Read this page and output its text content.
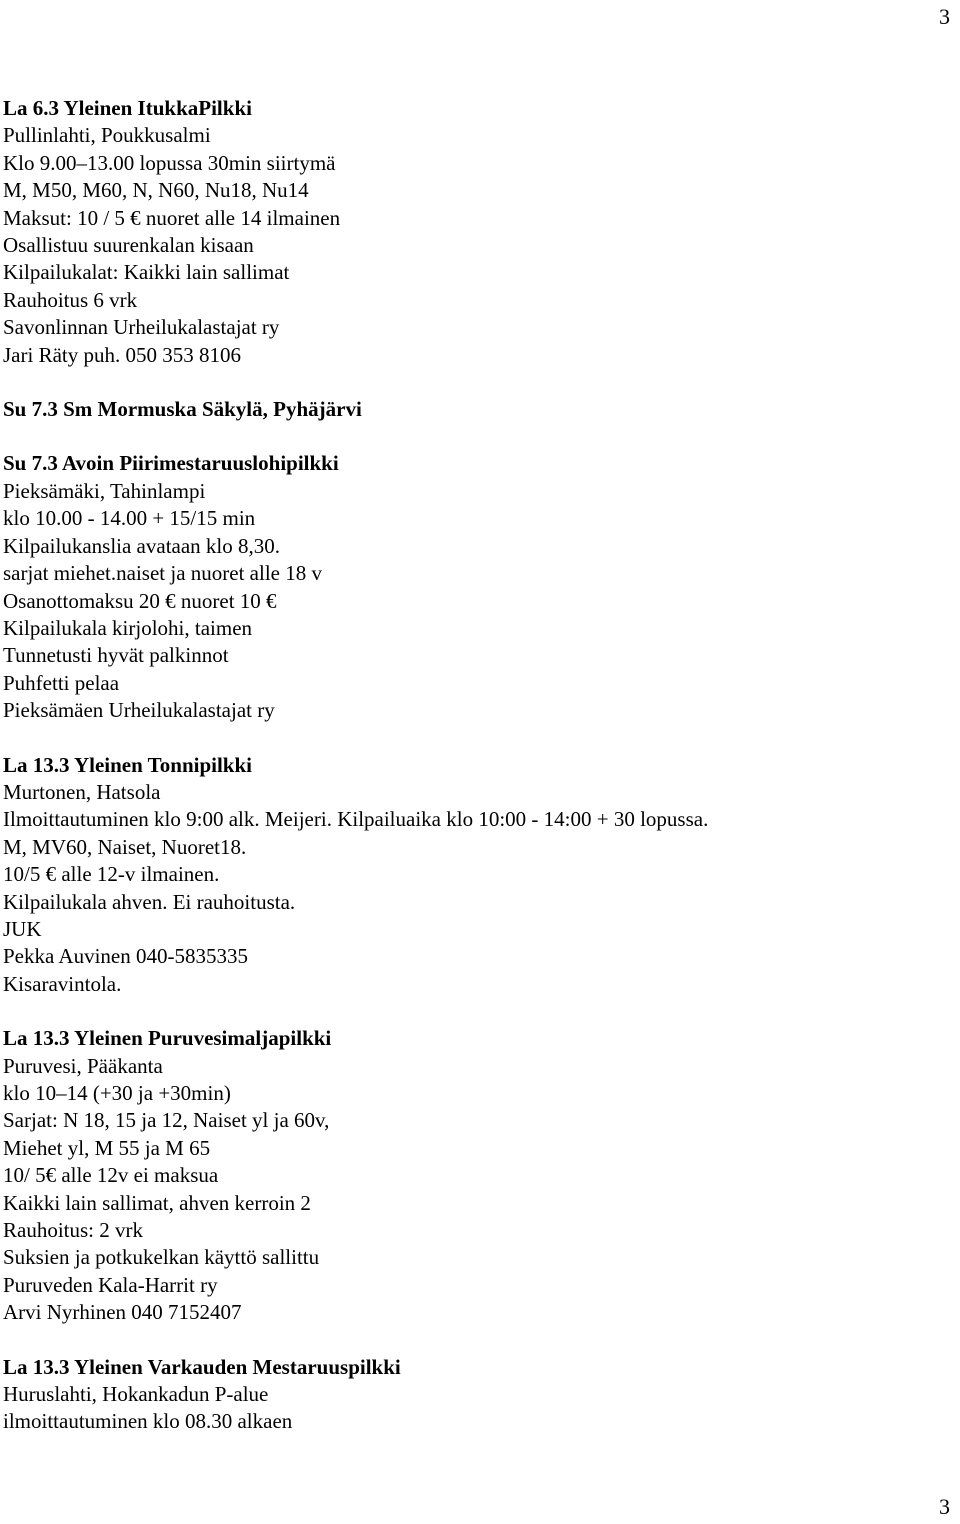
3
La 6.3 Yleinen ItukkaPilkki
Pullinlahti, Poukkusalmi
Klo 9.00–13.00 lopussa 30min siirtymä
M, M50, M60, N, N60, Nu18, Nu14
Maksut: 10 / 5 € nuoret alle 14 ilmainen
Osallistuu suurenkalan kisaan
Kilpailukalat: Kaikki lain sallimat
Rauhoitus 6 vrk
Savonlinnan Urheilukalastajat ry
Jari Räty puh. 050 353 8106
Su 7.3 Sm Mormuska Säkylä, Pyhäjärvi
Su 7.3 Avoin Piirimestaruuslohipilkki
Pieksämäki, Tahinlampi
klo 10.00 - 14.00 + 15/15 min
Kilpailukanslia avataan klo 8,30.
sarjat miehet.naiset ja nuoret alle 18 v
Osanottomaksu 20 € nuoret 10 €
Kilpailukala kirjolohi, taimen
Tunnetusti hyvät palkinnot
Puhfetti pelaa
Pieksämäen Urheilukalastajat ry
La 13.3 Yleinen Tonnipilkki
Murtonen, Hatsola
Ilmoittautuminen klo 9:00 alk. Meijeri. Kilpailuaika klo 10:00 - 14:00 + 30 lopussa.
M, MV60, Naiset, Nuoret18.
10/5 € alle 12-v ilmainen.
Kilpailukala ahven. Ei rauhoitusta.
JUK
Pekka Auvinen 040-5835335
Kisaravintola.
La 13.3 Yleinen Puruvesimaljapilkki
Puruvesi, Pääkanta
klo 10–14 (+30 ja +30min)
Sarjat: N 18, 15 ja 12, Naiset yl ja 60v,
Miehet yl, M 55 ja M 65
10/ 5€ alle 12v ei maksua
Kaikki lain sallimat, ahven kerroin 2
Rauhoitus: 2 vrk
Suksien ja potkukelkan käyttö sallittu
Puruveden Kala-Harrit ry
Arvi Nyrhinen 040 7152407
La 13.3 Yleinen Varkauden Mestaruuspilkki
Huruslahti, Hokankadun P-alue
ilmoittautuminen klo 08.30 alkaen
3
